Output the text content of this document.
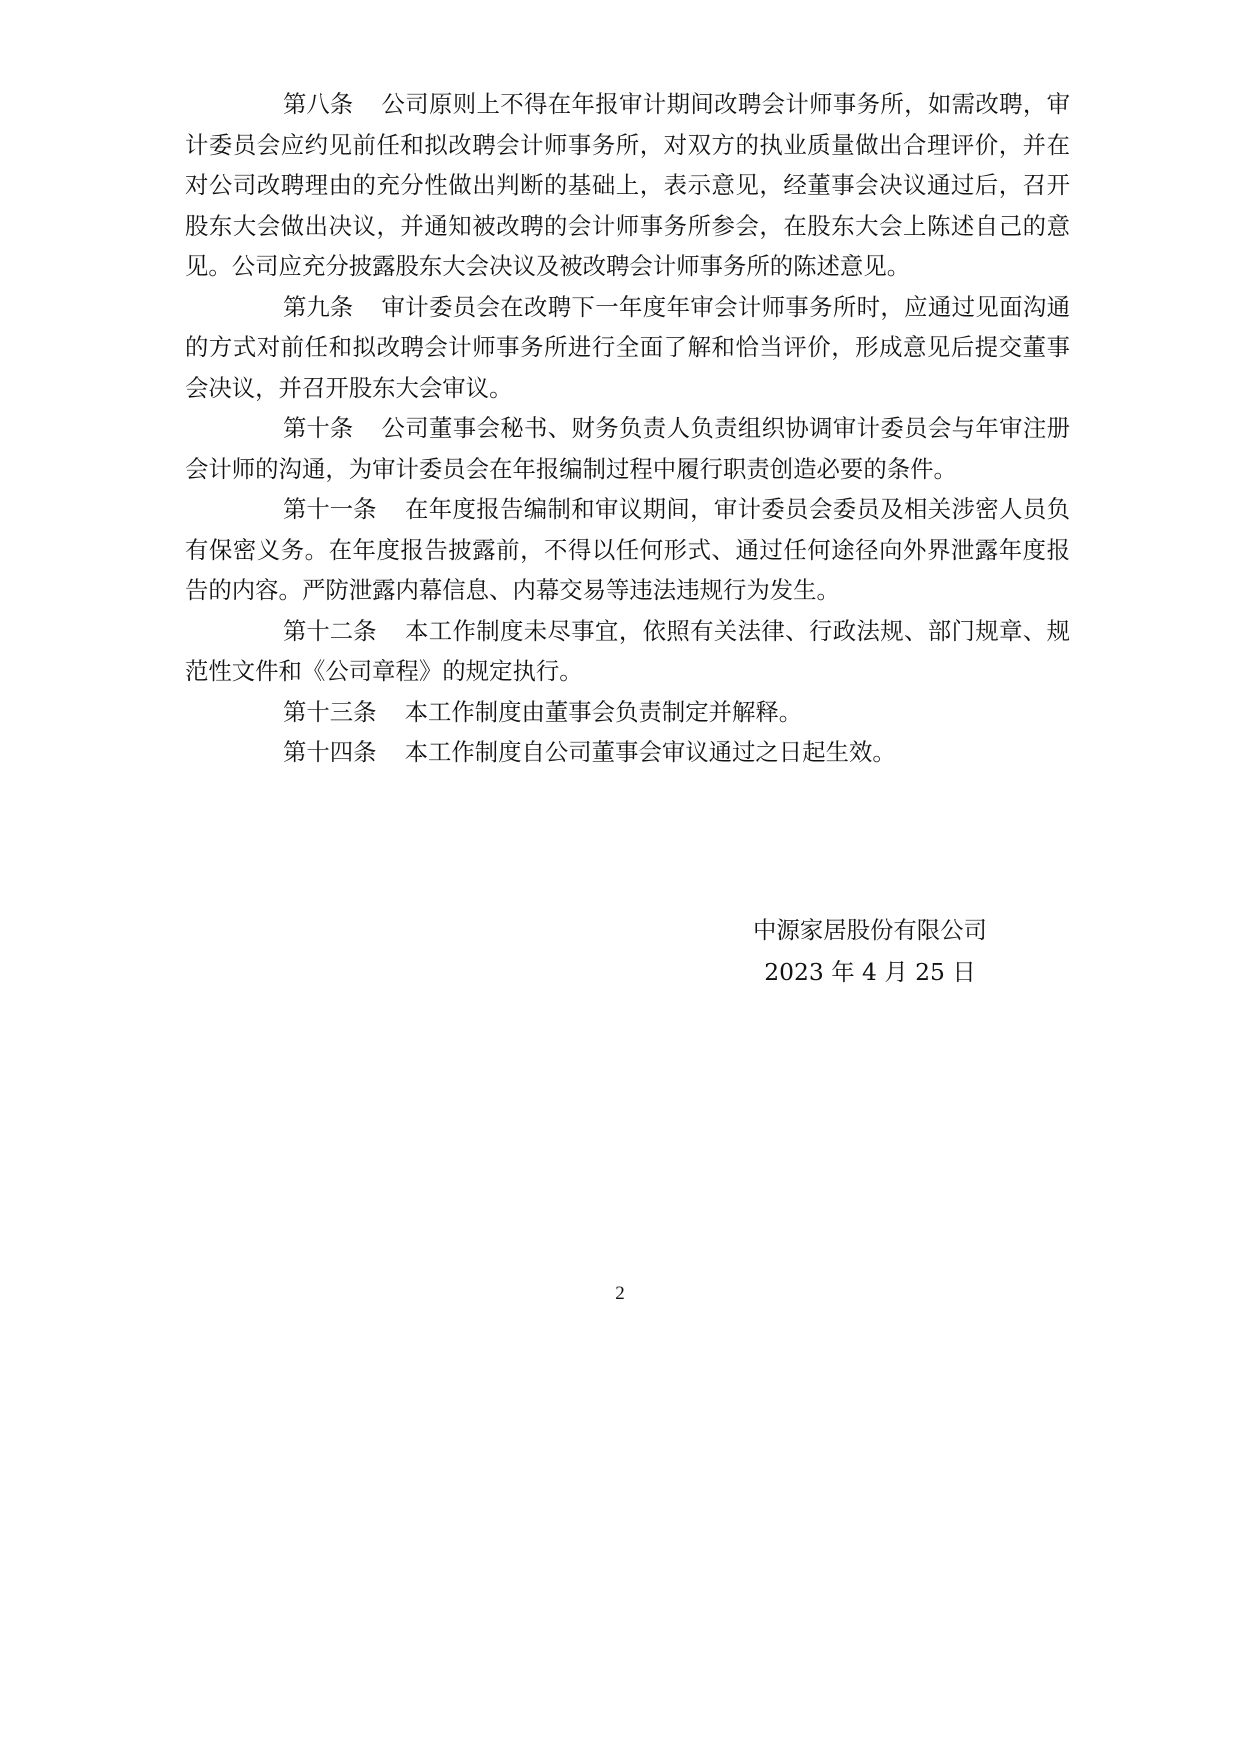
第八条 公司原则上不得在年报审计期间改聘会计师事务所，如需改聘，审计委员会应约见前任和拟改聘会计师事务所，对双方的执业质量做出合理评价，并在对公司改聘理由的充分性做出判断的基础上，表示意见，经董事会决议通过后，召开股东大会做出决议，并通知被改聘的会计师事务所参会，在股东大会上陈述自己的意见。公司应充分披露股东大会决议及被改聘会计师事务所的陈述意见。

第九条 审计委员会在改聘下一年度年审会计师事务所时，应通过见面沟通的方式对前任和拟改聘会计师事务所进行全面了解和恰当评价，形成意见后提交董事会决议，并召开股东大会审议。

第十条 公司董事会秘书、财务负责人负责组织协调审计委员会与年审注册会计师的沟通，为审计委员会在年报编制过程中履行职责创造必要的条件。

第十一条 在年度报告编制和审议期间，审计委员会委员及相关涉密人员负有保密义务。在年度报告披露前，不得以任何形式、通过任何途径向外界泄露年度报告的内容。严防泄露内幕信息、内幕交易等违法违规行为发生。

第十二条 本工作制度未尽事宜，依照有关法律、行政法规、部门规章、规范性文件和《公司章程》的规定执行。

第十三条 本工作制度由董事会负责制定并解释。

第十四条 本工作制度自公司董事会审议通过之日起生效。

中源家居股份有限公司
2023 年 4 月 25 日
2
